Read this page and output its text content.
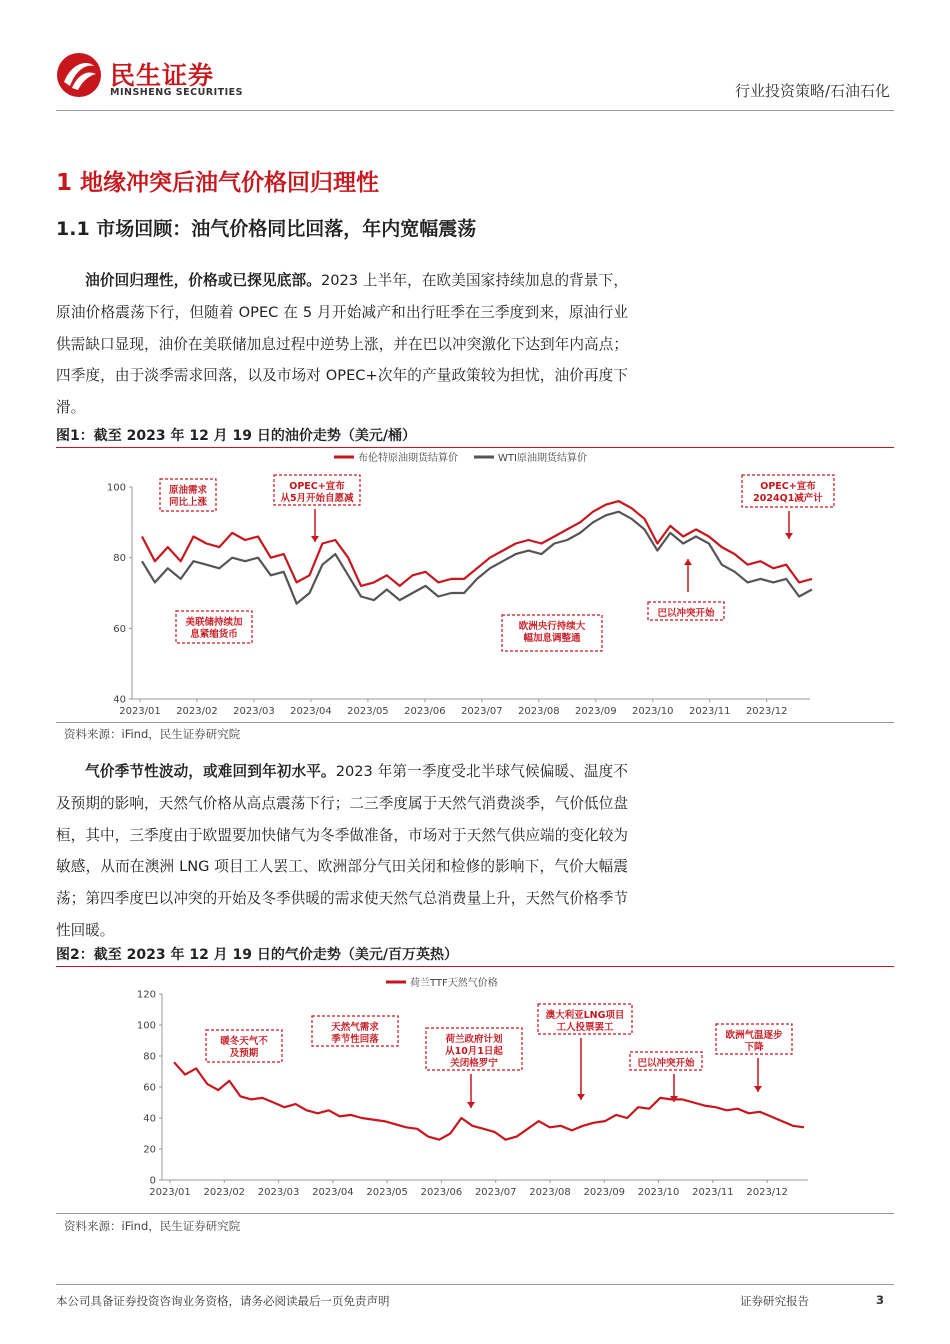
民生证券
MINSHENG SECURITIES	行业投资策略/石油石化
1 地缘冲突后油气价格回归理性
1.1 市场回顾：油气价格同比回落，年内宽幅震荡
油价回归理性，价格或已探见底部。2023 上半年，在欧美国家持续加息的背景下，原油价格震荡下行，但随着 OPEC 在 5 月开始减产和出行旺季在三季度到来，原油行业供需缺口显现，油价在美联储加息过程中逆势上涨，并在巴以冲突激化下达到年内高点；四季度，由于淡季需求回落，以及市场对 OPEC+次年的产量政策较为担忧，油价再度下滑。
图1：截至 2023 年 12 月 19 日的油价走势（美元/桶）
40
60
80
100
2023/01 2023/02 2023/03 2023/04 2023/05 2023/06 2023/07 2023/08 2023/09 2023/10 2023/11 2023/12
布伦特原油期货结算价	WTI原油期货结算价
原油需求
同比上涨
OPEC+宣布
从5月开始自愿减
美联储持续加
息紧缩货币
欧洲央行持续大
幅加息调整通
巴以冲突开始
OPEC+宣布
2024Q1减产计
资料来源：iFind，民生证券研究院
气价季节性波动，或难回到年初水平。2023 年第一季度受北半球气候偏暖、温度不及预期的影响，天然气价格从高点震荡下行；二三季度属于天然气消费淡季，气价低位盘桓，其中，三季度由于欧盟要加快储气为冬季做准备，市场对于天然气供应端的变化较为敏感，从而在澳洲 LNG 项目工人罢工、欧洲部分气田关闭和检修的影响下，气价大幅震荡；第四季度巴以冲突的开始及冬季供暖的需求使天然气总消费量上升，天然气价格季节性回暖。
图2：截至 2023 年 12 月 19 日的气价走势（美元/百万英热）
0
20
40
60
80
100
120
2023/01 2023/02 2023/03 2023/04 2023/05 2023/06 2023/07 2023/08 2023/09 2023/10 2023/11 2023/12
荷兰TTF天然气价格
暖冬天气不
及预期
天然气需求
季节性回落	荷兰政府计划
从10月1日起
关闭格罗宁
澳大利亚LNG项目
工人投票罢工
巴以冲突开始
欧洲气温逐步
下降
资料来源：iFind，民生证券研究院
本公司具备证券投资咨询业务资格，请务必阅读最后一页免责声明	证券研究报告	3
